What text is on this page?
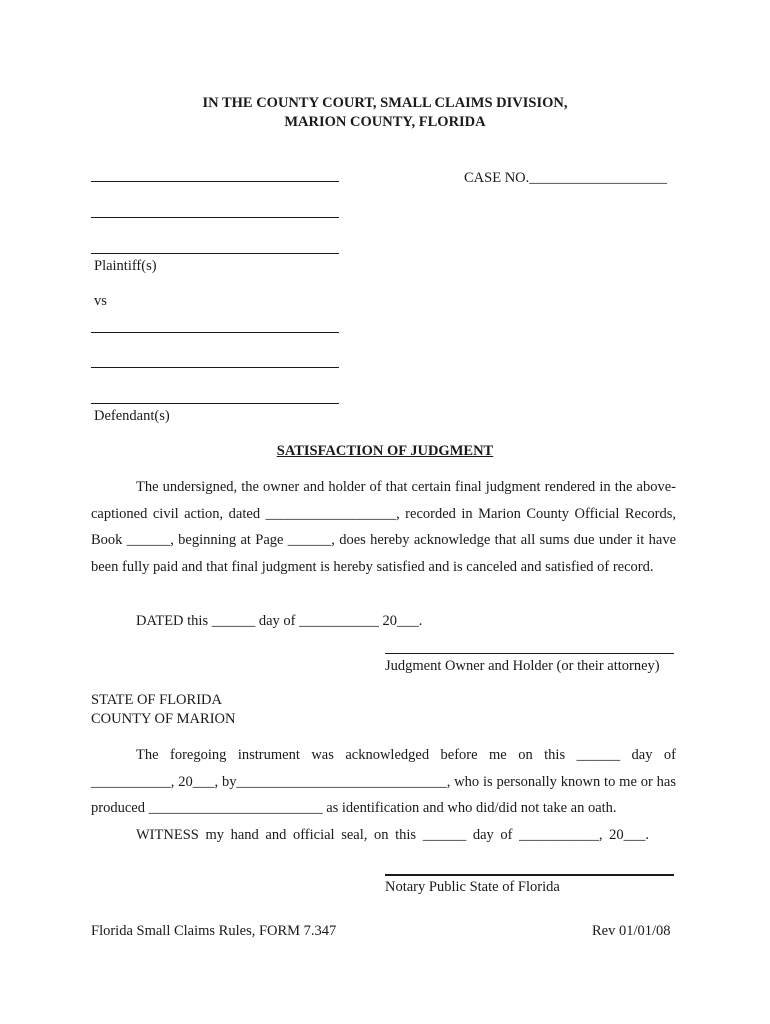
IN THE COUNTY COURT, SMALL CLAIMS DIVISION,
MARION COUNTY, FLORIDA
CASE NO.___________________
Plaintiff(s)
vs
Defendant(s)
SATISFACTION OF JUDGMENT
The undersigned, the owner and holder of that certain final judgment rendered in the above-captioned civil action, dated __________________, recorded in Marion County Official Records, Book ______, beginning at Page ______, does hereby acknowledge that all sums due under it have been fully paid and that final judgment is hereby satisfied and is canceled and satisfied of record.
DATED this ______ day of ___________ 20___.
Judgment Owner and Holder (or their attorney)
STATE OF FLORIDA
COUNTY OF MARION
The foregoing instrument was acknowledged before me on this ______ day of ___________, 20___, by_____________________________, who is personally known to me or has produced ________________________ as identification and who did/did not take an oath.
WITNESS my hand and official seal, on this ______ day of ___________, 20___.
Notary Public State of Florida
Florida Small Claims Rules, FORM 7.347	Rev 01/01/08
